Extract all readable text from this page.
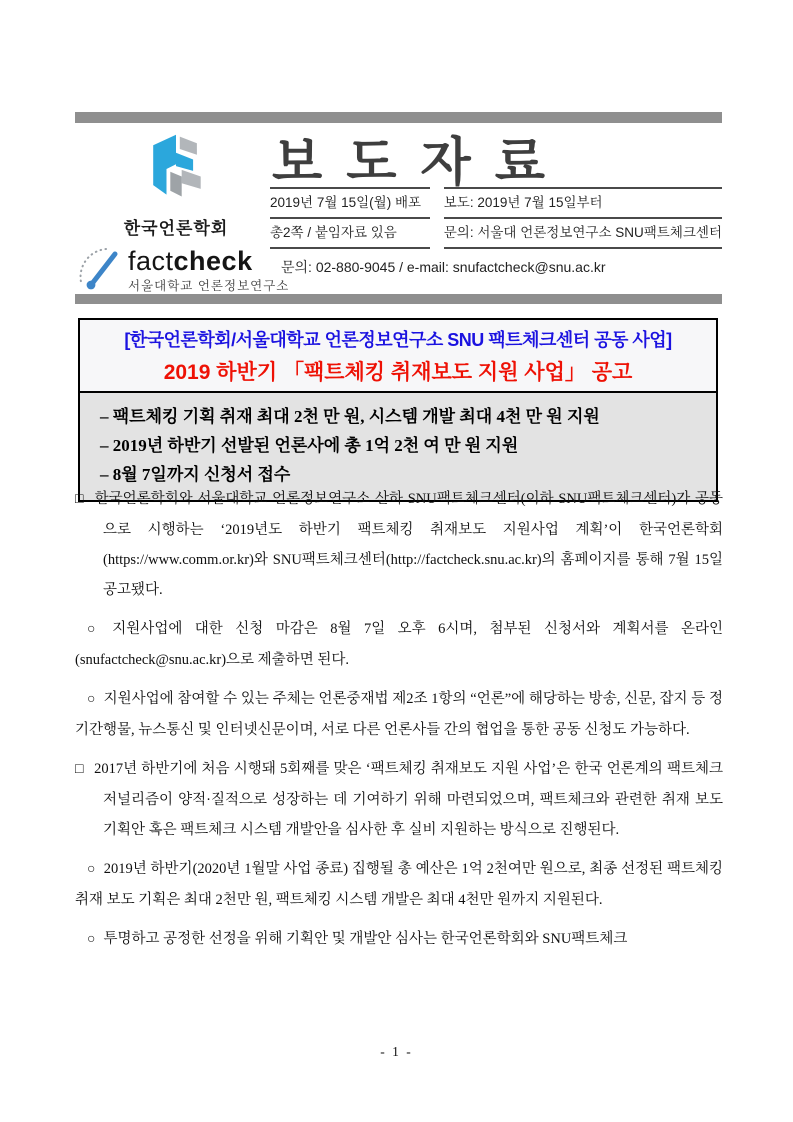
한국언론학회
보도자료
2019년 7월 15일(월) 배포
총2쪽 / 붙임자료 있음
보도: 2019년 7월 15일부터
문의: 서울대 언론정보연구소 SNU팩트체크센터
factcheck
서울대학교 언론정보연구소
문의: 02-880-9045 / e-mail: snufactcheck@snu.ac.kr
[한국언론학회/서울대학교 언론정보연구소 SNU 팩트체크센터 공동 사업]
2019 하반기 「팩트체킹 취재보도 지원 사업」 공고
– 팩트체킹 기획 취재 최대 2천 만 원, 시스템 개발 최대 4천 만 원 지원
– 2019년 하반기 선발된 언론사에 총 1억 2천 여 만 원 지원
– 8월 7일까지 신청서 접수

□ 한국언론학회와 서울대학교 언론정보연구소 산하 SNU팩트체크센터(이하 SNU팩트체크센터)가 공동으로 시행하는 ‘2019년도 하반기 팩트체킹 취재보도 지원사업 계획’이 한국언론학회(https://www.comm.or.kr)와 SNU팩트체크센터(http://factcheck.snu.ac.kr)의 홈페이지를 통해 7월 15일 공고됐다.

○ 지원사업에 대한 신청 마감은 8월 7일 오후 6시며, 첨부된 신청서와 계획서를 온라인(snufactcheck@snu.ac.kr)으로 제출하면 된다.

○ 지원사업에 참여할 수 있는 주체는 언론중재법 제2조 1항의 “언론”에 해당하는 방송, 신문, 잡지 등 정기간행물, 뉴스통신 및 인터넷신문이며, 서로 다른 언론사들 간의 협업을 통한 공동 신청도 가능하다.

□ 2017년 하반기에 처음 시행돼 5회째를 맞은 ‘팩트체킹 취재보도 지원 사업’은 한국 언론계의 팩트체크 저널리즘이 양적·질적으로 성장하는 데 기여하기 위해 마련되었으며, 팩트체크와 관련한 취재 보도 기획안 혹은 팩트체크 시스템 개발안을 심사한 후 실비 지원하는 방식으로 진행된다.

○ 2019년 하반기(2020년 1월말 사업 종료) 집행될 총 예산은 1억 2천여만 원으로, 최종 선정된 팩트체킹 취재 보도 기획은 최대 2천만 원, 팩트체킹 시스템 개발은 최대 4천만 원까지 지원된다.

○ 투명하고 공정한 선정을 위해 기획안 및 개발안 심사는 한국언론학회와 SNU팩트체크

- 1 -
